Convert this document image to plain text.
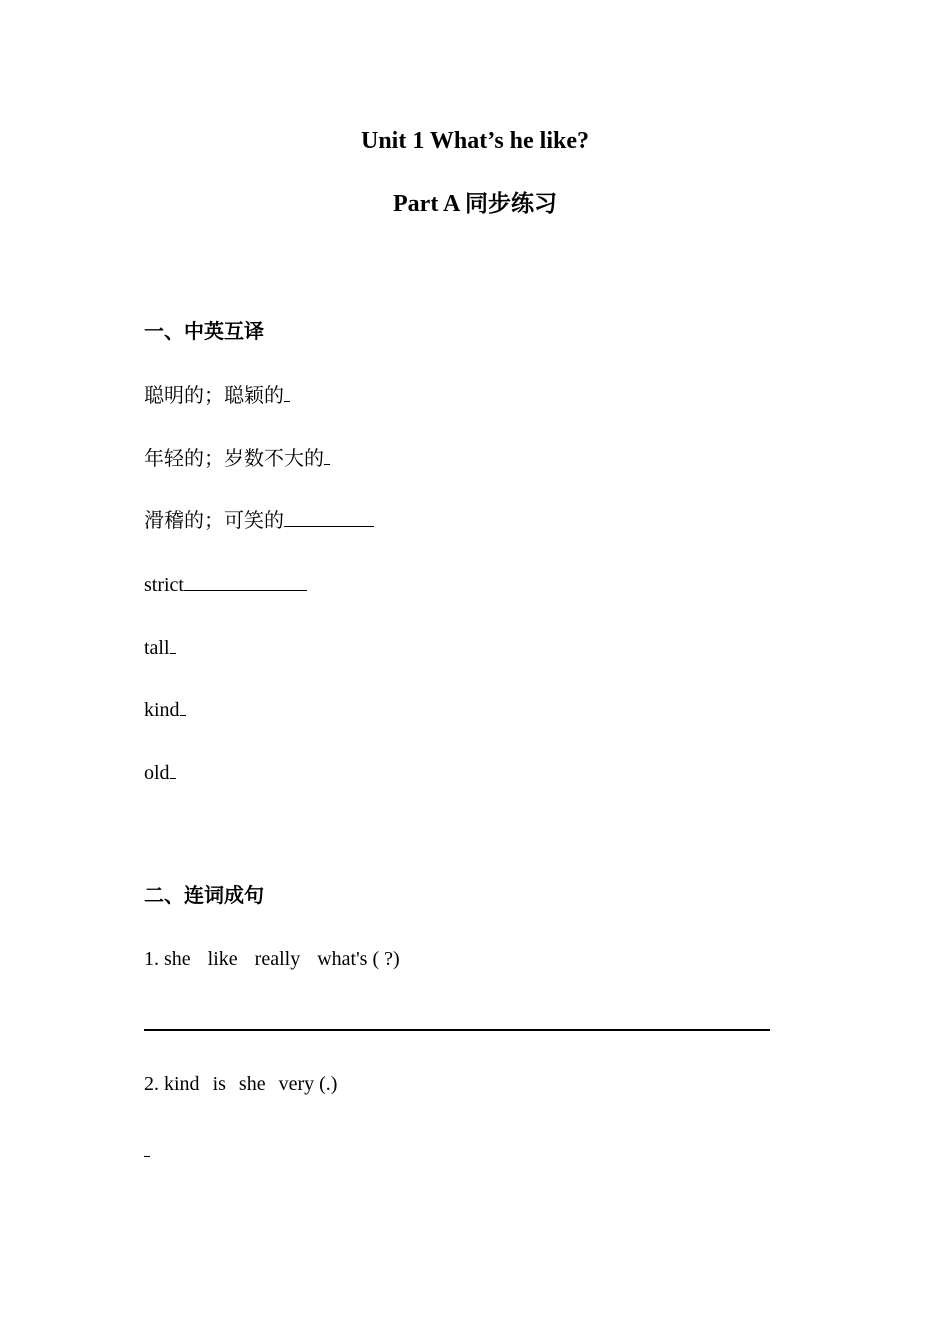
Unit 1 What’s he like?
Part A 同步练习
一、中英互译
聪明的；聪颖的
年轻的；岁数不大的
滑稽的；可笑的
strict
tall
kind
old
二、连词成句
1. she like really what's ( ?)
2. kind is she very (.)
